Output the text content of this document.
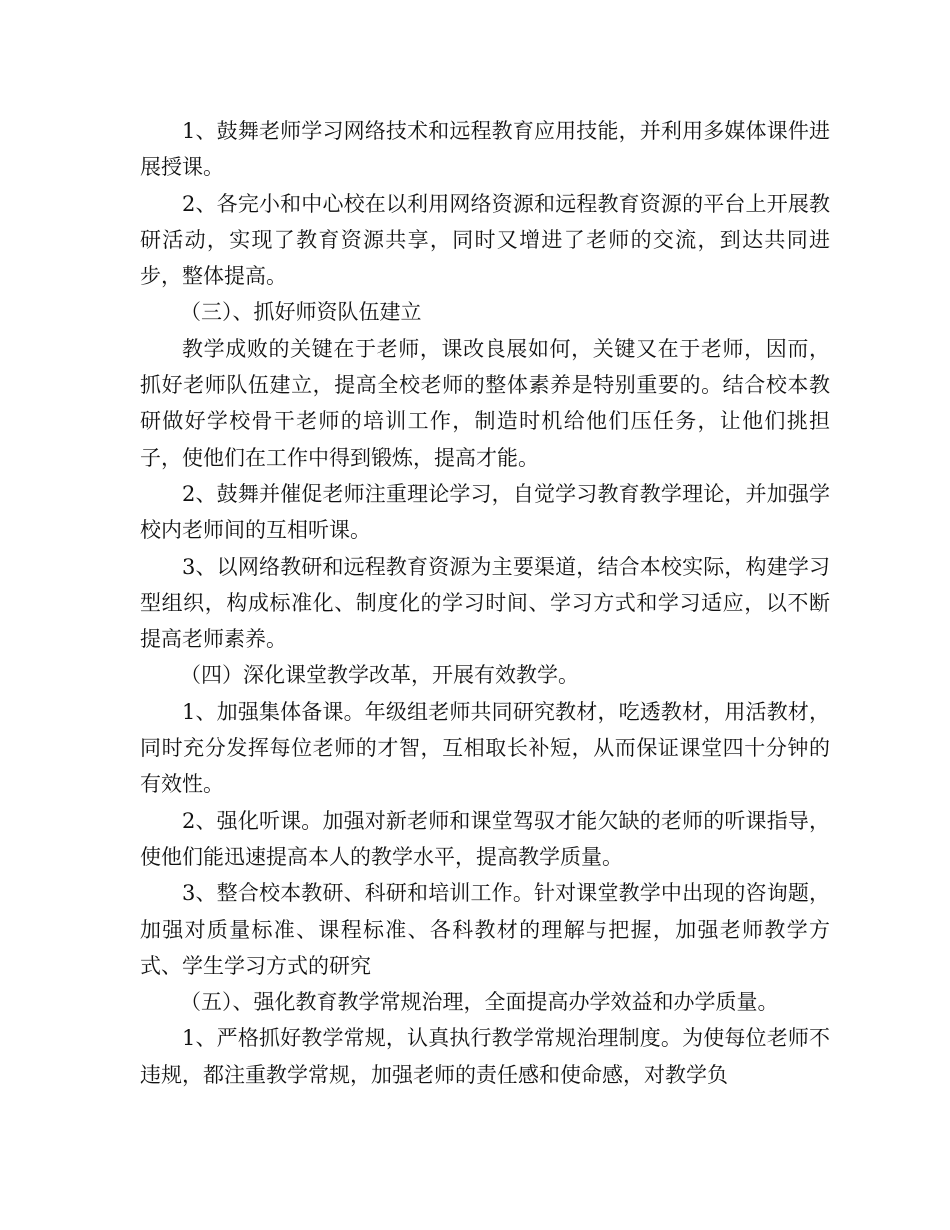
1、鼓舞老师学习网络技术和远程教育应用技能，并利用多媒体课件进展授课。

2、各完小和中心校在以利用网络资源和远程教育资源的平台上开展教研活动，实现了教育资源共享，同时又增进了老师的交流，到达共同进步，整体提高。

（三）、抓好师资队伍建立

教学成败的关键在于老师，课改良展如何，关键又在于老师，因而，抓好老师队伍建立，提高全校老师的整体素养是特别重要的。结合校本教研做好学校骨干老师的培训工作，制造时机给他们压任务，让他们挑担子，使他们在工作中得到锻炼，提高才能。

2、鼓舞并催促老师注重理论学习，自觉学习教育教学理论，并加强学校内老师间的互相听课。

3、以网络教研和远程教育资源为主要渠道，结合本校实际，构建学习型组织，构成标准化、制度化的学习时间、学习方式和学习适应，以不断提高老师素养。

（四）深化课堂教学改革，开展有效教学。

1、加强集体备课。年级组老师共同研究教材，吃透教材，用活教材，同时充分发挥每位老师的才智，互相取长补短，从而保证课堂四十分钟的有效性。

2、强化听课。加强对新老师和课堂驾驭才能欠缺的老师的听课指导，使他们能迅速提高本人的教学水平，提高教学质量。

3、整合校本教研、科研和培训工作。针对课堂教学中出现的咨询题，加强对质量标准、课程标准、各科教材的理解与把握，加强老师教学方式、学生学习方式的研究

（五）、强化教育教学常规治理，全面提高办学效益和办学质量。

1、严格抓好教学常规，认真执行教学常规治理制度。为使每位老师不违规，都注重教学常规，加强老师的责任感和使命感，对教学负
